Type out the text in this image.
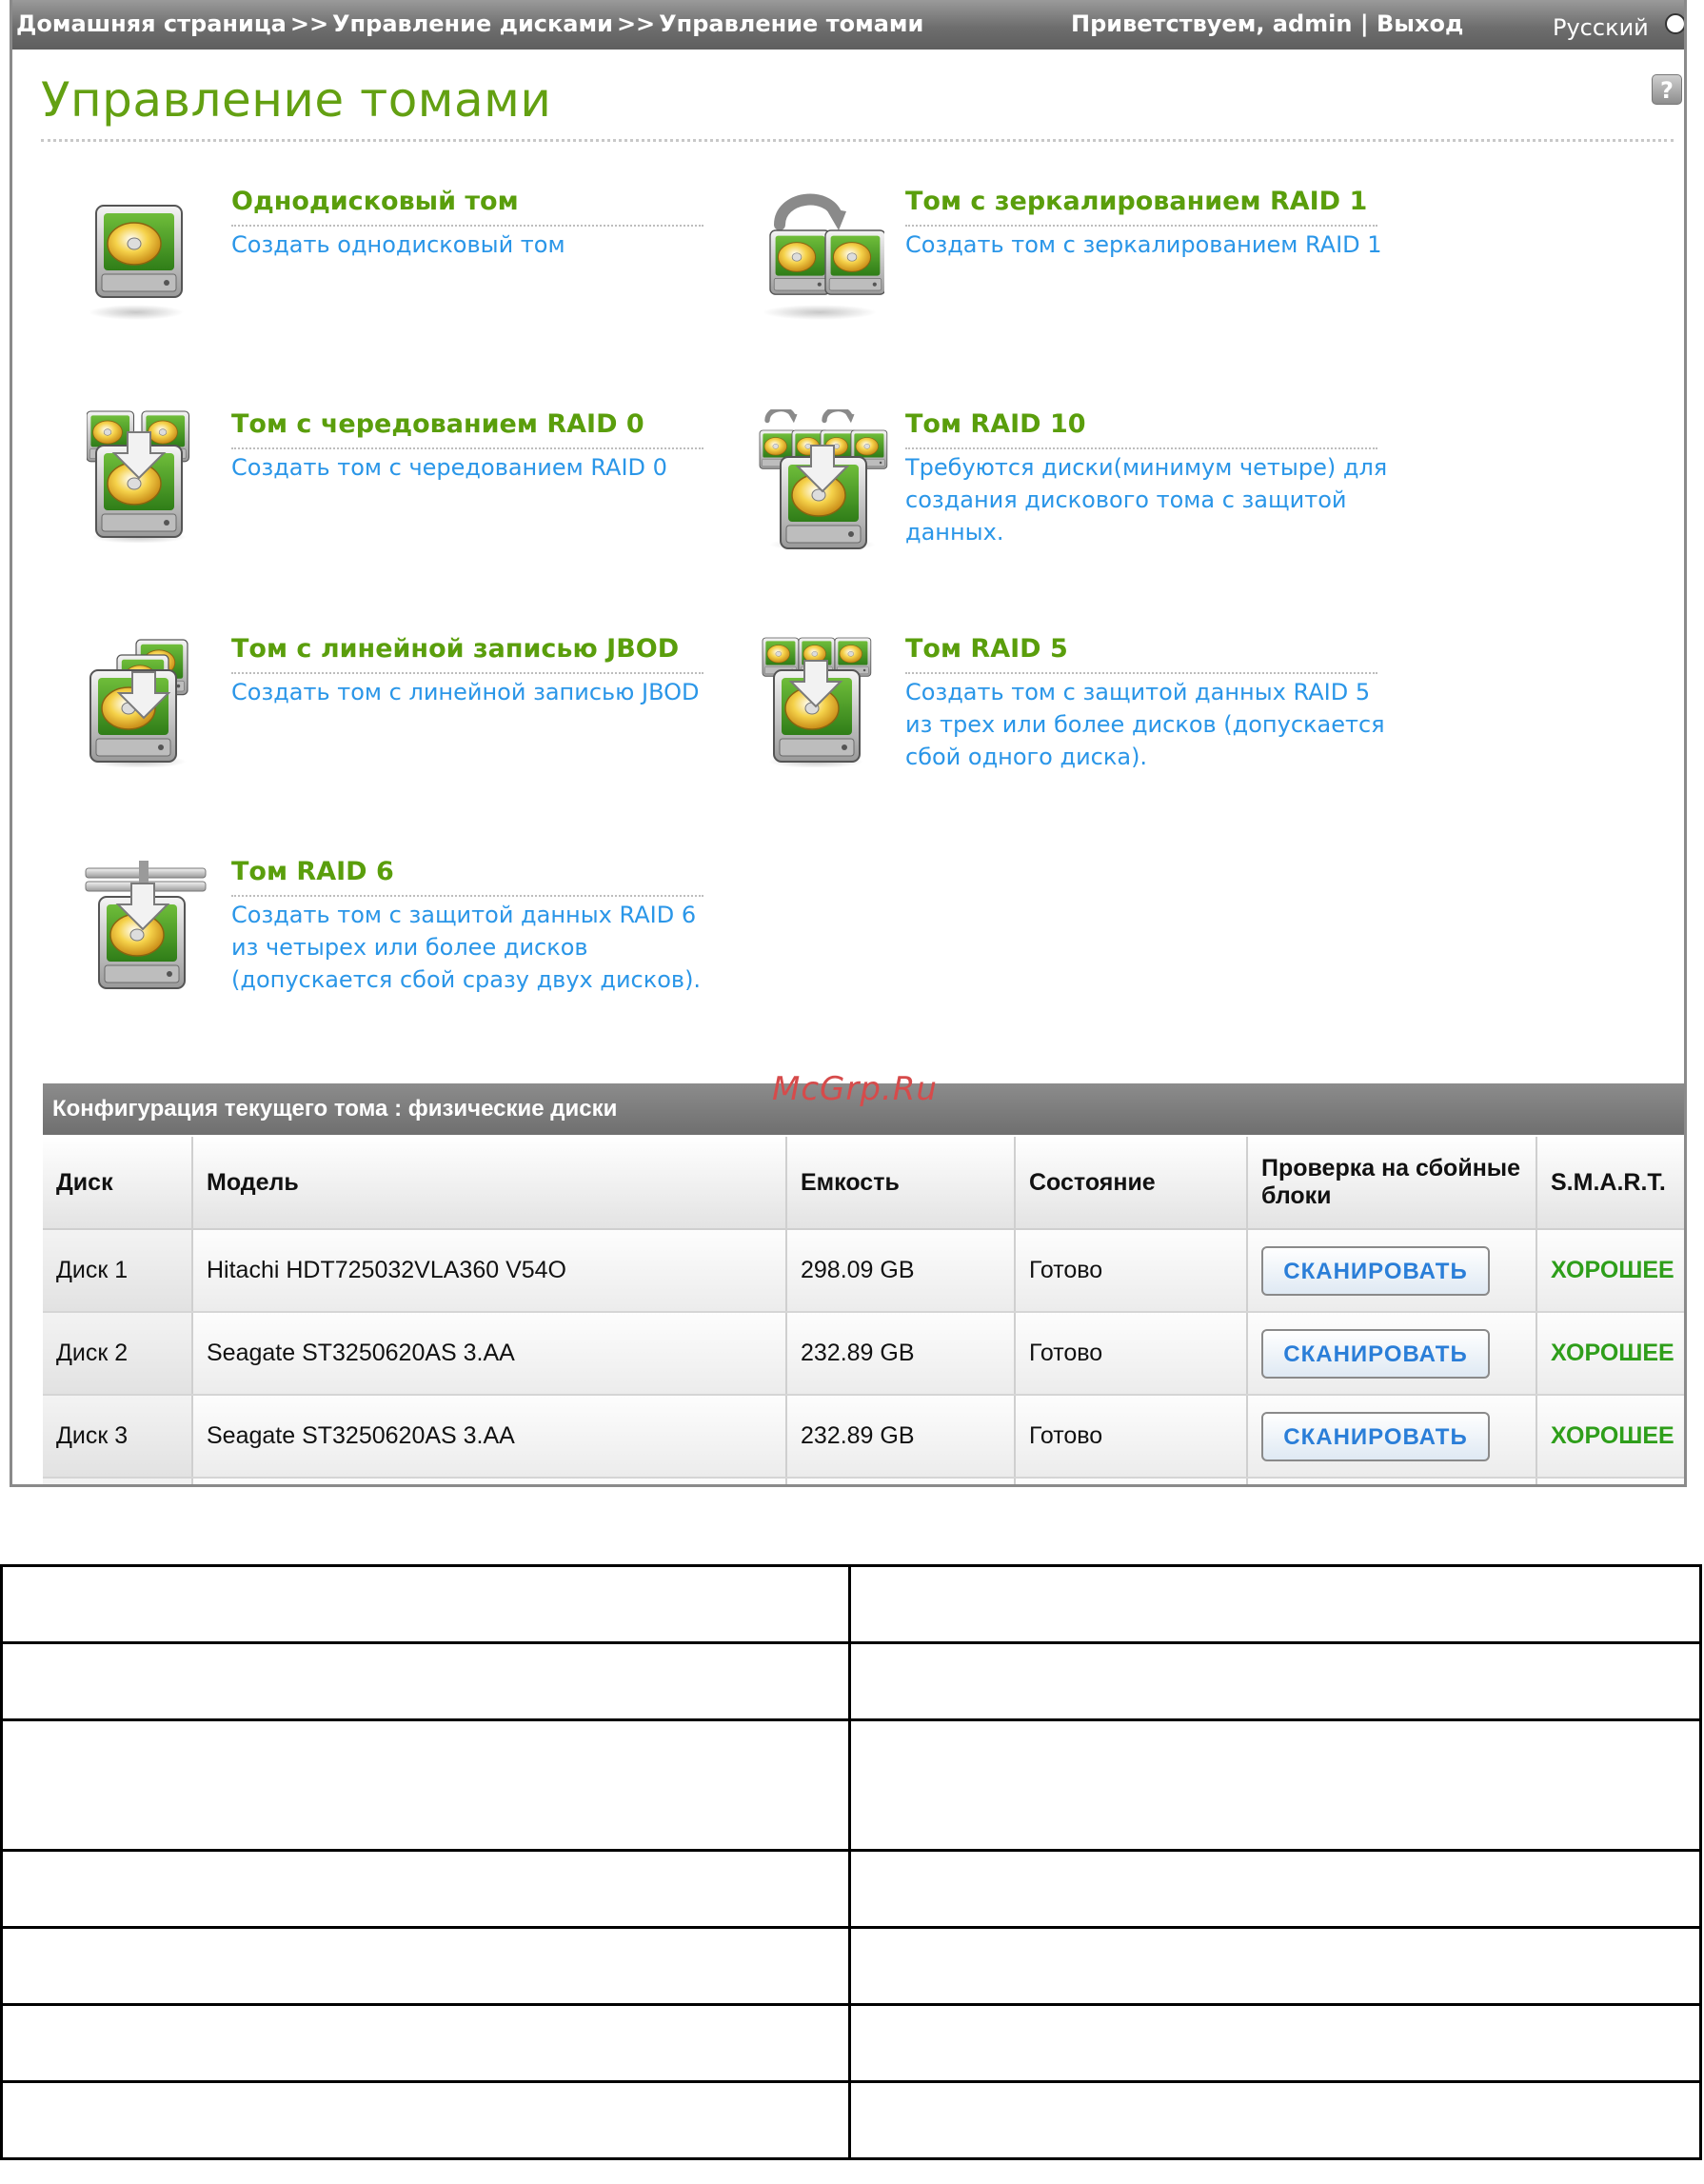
Домашняя страница >> Управление дисками >> Управление томами	Приветствуем, admin | Выход	Русский
Управление томами	?
Однодисковый том
Создать однодисковый том
Том с зеркалированием RAID 1
Создать том с зеркалированием RAID 1
Том с чередованием RAID 0
Создать том с чередованием RAID 0
Том RAID 10
Требуются диски(минимум четыре) для создания дискового тома с защитой данных.
Том с линейной записью JBOD
Создать том с линейной записью JBOD
Том RAID 5
Создать том с защитой данных RAID 5 из трех или более дисков (допускается сбой одного диска).
Том RAID 6
Создать том с защитой данных RAID 6 из четырех или более дисков (допускается сбой сразу двух дисков).
Конфигурация текущего тома : физические диски
Диск	Модель	Емкость	Состояние	Проверка на сбойные блоки	S.M.A.R.T.
Диск 1	Hitachi HDT725032VLA360 V54O	298.09 GB	Готово	СКАНИРОВАТЬ	ХОРОШЕЕ
Диск 2	Seagate ST3250620AS 3.AA	232.89 GB	Готово	СКАНИРОВАТЬ	ХОРОШЕЕ
Диск 3	Seagate ST3250620AS 3.AA	232.89 GB	Готово	СКАНИРОВАТЬ	ХОРОШЕЕ

McGrp.Ru
